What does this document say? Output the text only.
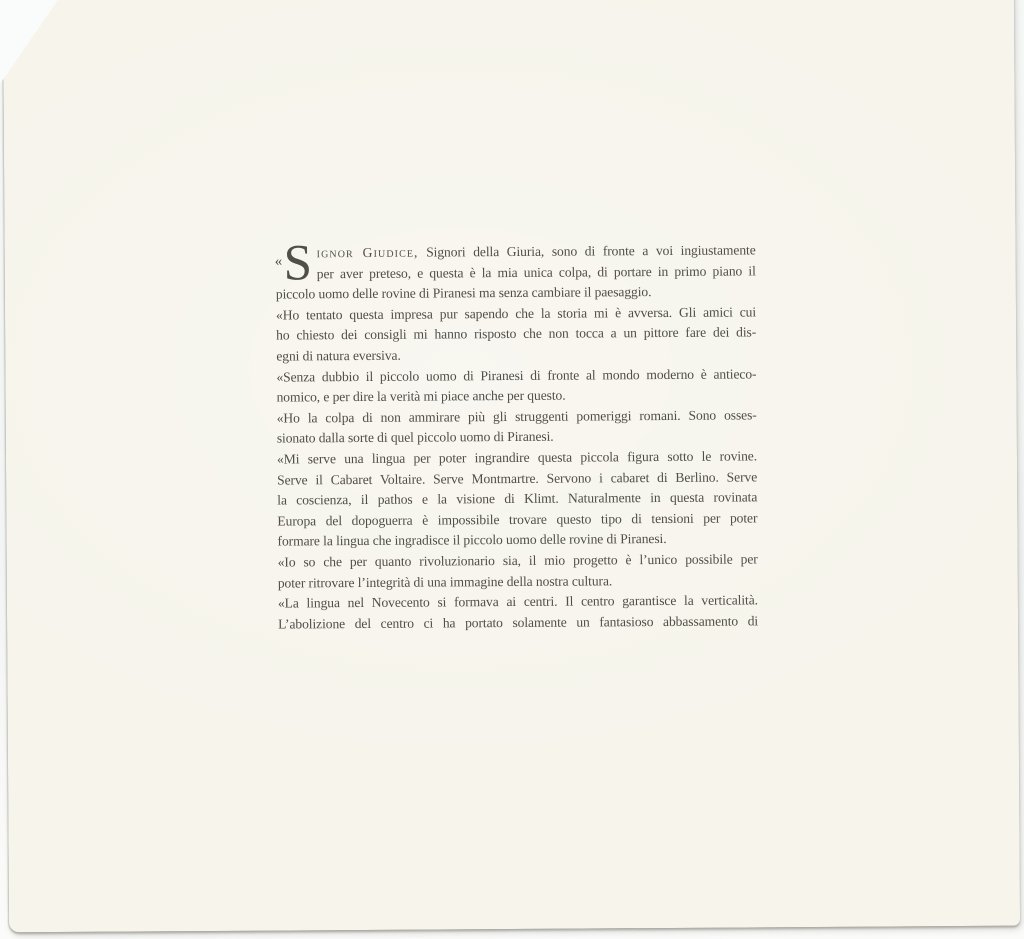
« S ignor Giudice, Signori della Giuria, sono di fronte a voi ingiustamente
per aver preteso, e questa è la mia unica colpa, di portare in primo piano il
piccolo uomo delle rovine di Piranesi ma senza cambiare il paesaggio.
«Ho tentato questa impresa pur sapendo che la storia mi è avversa. Gli amici cui
ho chiesto dei consigli mi hanno risposto che non tocca a un pittore fare dei dis-
egni di natura eversiva.
«Senza dubbio il piccolo uomo di Piranesi di fronte al mondo moderno è antieco-
nomico, e per dire la verità mi piace anche per questo.
«Ho la colpa di non ammirare più gli struggenti pomeriggi romani. Sono osses-
sionato dalla sorte di quel piccolo uomo di Piranesi.
«Mi serve una lingua per poter ingrandire questa piccola figura sotto le rovine.
Serve il Cabaret Voltaire. Serve Montmartre. Servono i cabaret di Berlino. Serve
la coscienza, il pathos e la visione di Klimt. Naturalmente in questa rovinata
Europa del dopoguerra è impossibile trovare questo tipo di tensioni per poter
formare la lingua che ingradisce il piccolo uomo delle rovine di Piranesi.
«Io so che per quanto rivoluzionario sia, il mio progetto è l’unico possibile per
poter ritrovare l’integrità di una immagine della nostra cultura.
«La lingua nel Novecento si formava ai centri. Il centro garantisce la verticalità.
L’abolizione del centro ci ha portato solamente un fantasioso abbassamento di
